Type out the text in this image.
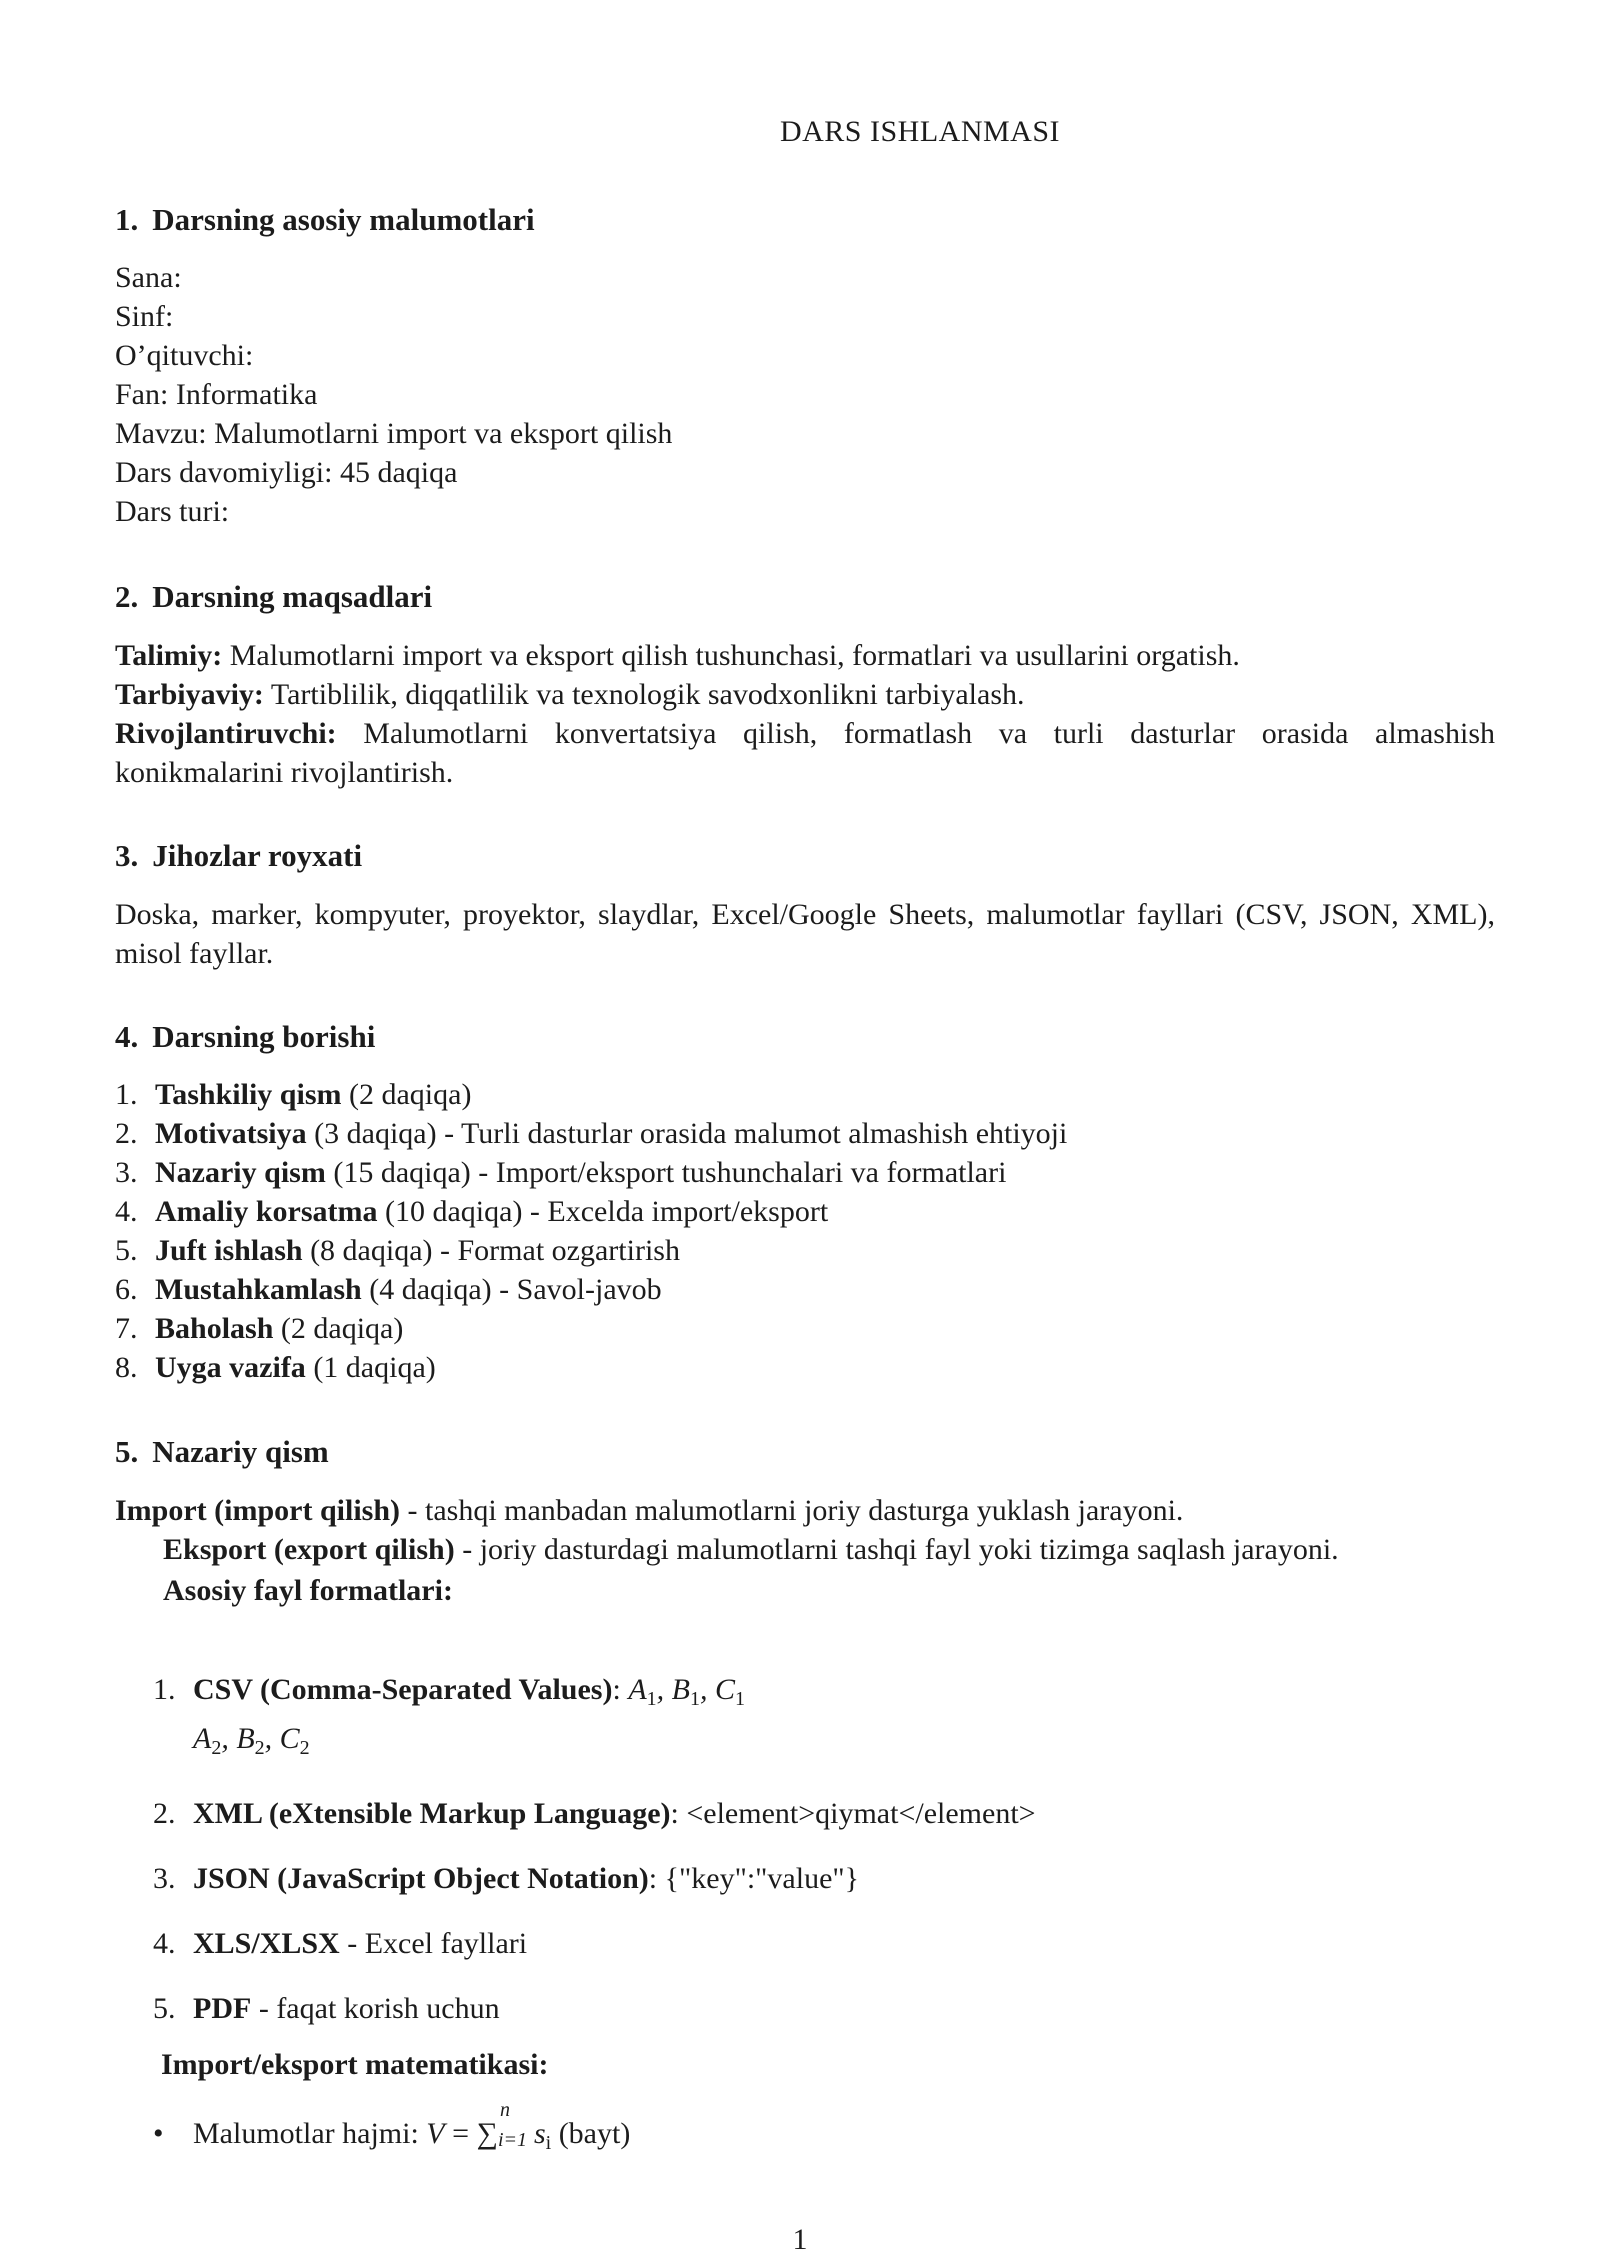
DARS ISHLANMASI
1. Darsning asosiy malumotlari
Sana:
Sinf:
O’qituvchi:
Fan: Informatika
Mavzu: Malumotlarni import va eksport qilish
Dars davomiyligi: 45 daqiqa
Dars turi:
2. Darsning maqsadlari
Talimiy: Malumotlarni import va eksport qilish tushunchasi, formatlari va usullarini orgatish.
Tarbiyaviy: Tartiblilik, diqqatlilik va texnologik savodxonlikni tarbiyalash.
Rivojlantiruvchi: Malumotlarni konvertatsiya qilish, formatlash va turli dasturlar orasida almashish konikmalarini rivojlantirish.
3. Jihozlar royxati
Doska, marker, kompyuter, proyektor, slaydlar, Excel/Google Sheets, malumotlar fayllari (CSV, JSON, XML), misol fayllar.
4. Darsning borishi
1. Tashkiliy qism (2 daqiqa)
2. Motivatsiya (3 daqiqa) - Turli dasturlar orasida malumot almashish ehtiyoji
3. Nazariy qism (15 daqiqa) - Import/eksport tushunchalari va formatlari
4. Amaliy korsatma (10 daqiqa) - Excelda import/eksport
5. Juft ishlash (8 daqiqa) - Format ozgartirish
6. Mustahkamlash (4 daqiqa) - Savol-javob
7. Baholash (2 daqiqa)
8. Uyga vazifa (1 daqiqa)
5. Nazariy qism
Import (import qilish) - tashqi manbadan malumotlarni joriy dasturga yuklash jarayoni.
Eksport (export qilish) - joriy dasturdagi malumotlarni tashqi fayl yoki tizimga saqlash jarayoni.
Asosiy fayl formatlari:
1. CSV (Comma-Separated Values): $A_1$, $B_1$, $C_1$
$A_2$, $B_2$, $C_2$
2. XML (eXtensible Markup Language): <element>qiymat</element>
3. JSON (JavaScript Object Notation): {"key":"value"}
4. XLS/XLSX - Excel fayllari
5. PDF - faqat korish uchun
Import/eksport matematikasi:
• Malumotlar hajmi: V = ∑
n
i=1 $s_i$ (bayt)
1
